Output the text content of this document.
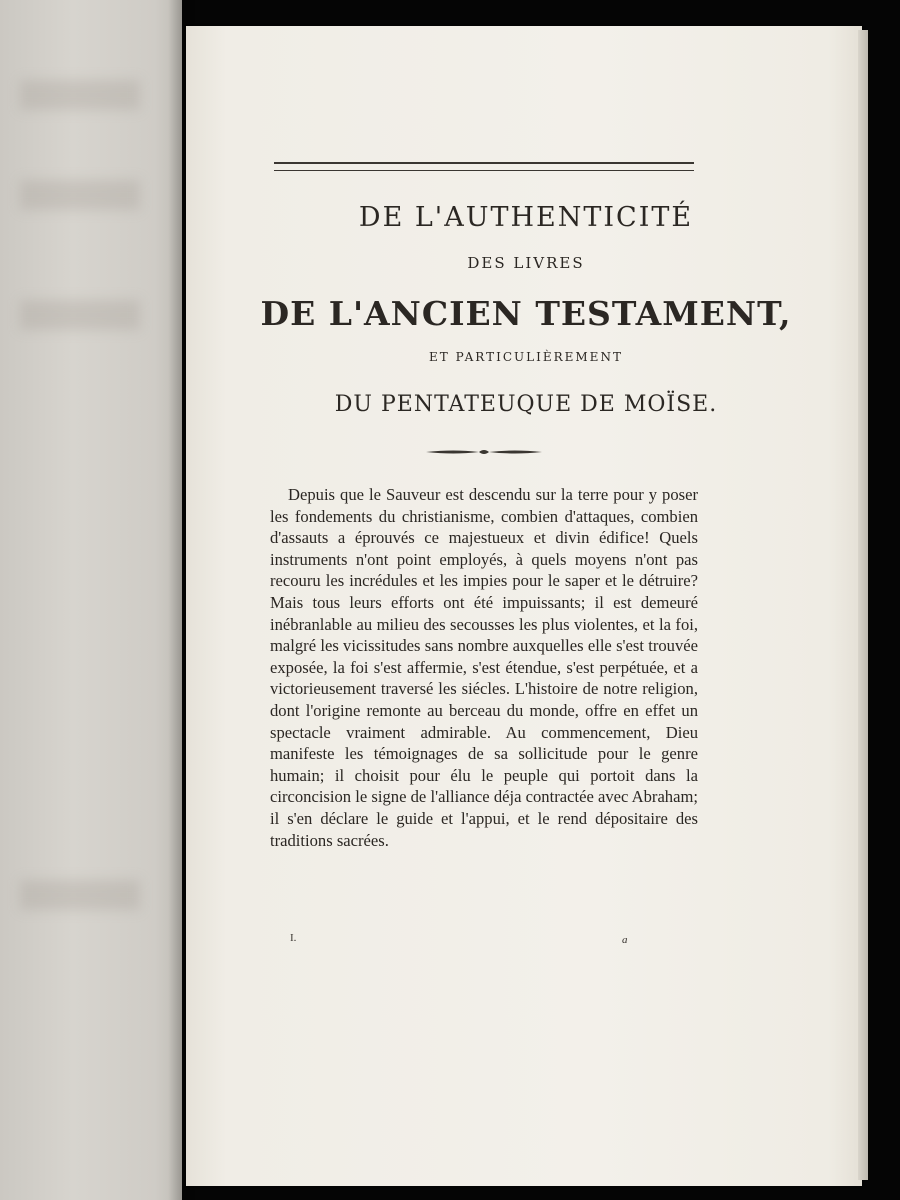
DE L'AUTHENTICITÉ
DES LIVRES
DE L'ANCIEN TESTAMENT,
ET PARTICULIÈREMENT
DU PENTATEUQUE DE MOÏSE.
Depuis que le Sauveur est descendu sur la terre pour y poser les fondements du christianisme, combien d'attaques, combien d'assauts a éprouvés ce majestueux et divin édifice! Quels instruments n'ont point employés, à quels moyens n'ont pas recouru les incrédules et les impies pour le saper et le détruire? Mais tous leurs efforts ont été impuissants; il est demeuré inébranlable au milieu des secousses les plus violentes, et la foi, malgré les vicissitudes sans nombre auxquelles elle s'est trouvée exposée, la foi s'est affermie, s'est étendue, s'est perpétuée, et a victorieusement traversé les siécles. L'histoire de notre religion, dont l'origine remonte au berceau du monde, offre en effet un spectacle vraiment admirable. Au commencement, Dieu manifeste les témoignages de sa sollicitude pour le genre humain; il choisit pour élu le peuple qui portoit dans la circoncision le signe de l'alliance déja contractée avec Abraham; il s'en déclare le guide et l'appui, et le rend dépositaire des traditions sacrées.
I.	a
